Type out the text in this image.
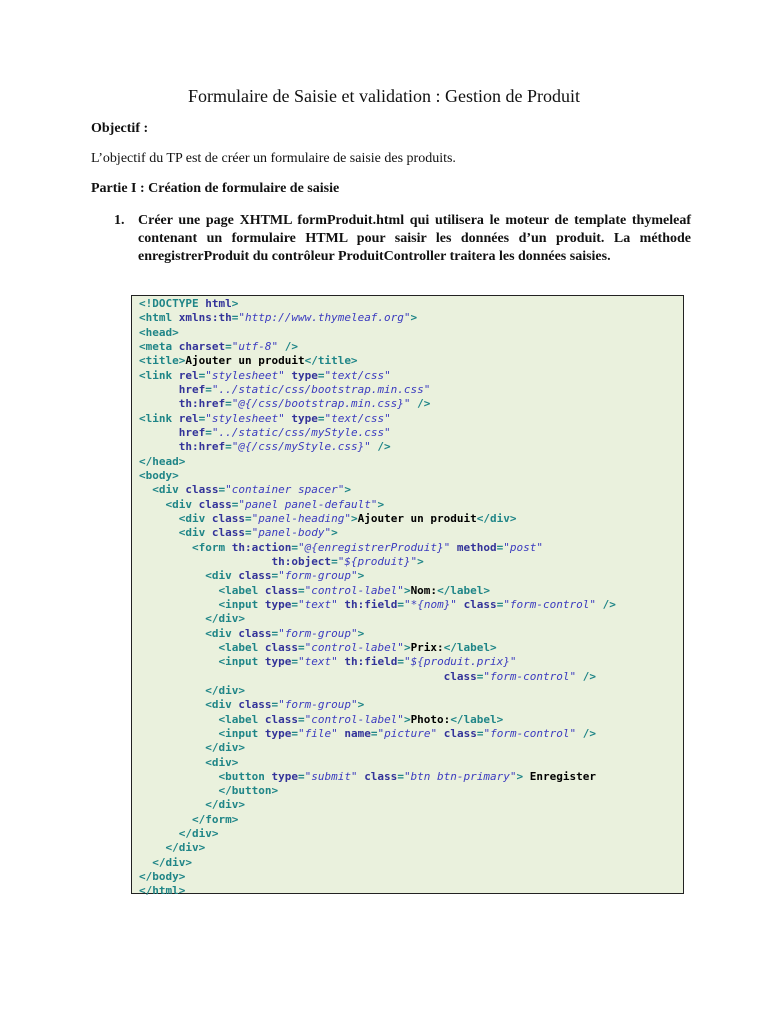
Formulaire de Saisie et validation : Gestion de Produit
Objectif :
L’objectif du TP est de créer un formulaire de saisie des produits.
Partie I : Création de formulaire de saisie
1. Créer une page XHTML formProduit.html qui utilisera le moteur de template thymeleaf contenant un formulaire HTML pour saisir les données d’un produit. La méthode enregistrerProduit du contrôleur ProduitController traitera les données saisies.
<!DOCTYPE html>
<html xmlns:th="http://www.thymeleaf.org">
<head>
<meta charset="utf-8" />
<title>Ajouter un produit</title>
<link rel="stylesheet" type="text/css"
href="../static/css/bootstrap.min.css"
th:href="@{/css/bootstrap.min.css}" />
<link rel="stylesheet" type="text/css"
href="../static/css/myStyle.css"
th:href="@{/css/myStyle.css}" />
</head>
<body>
<div class="container spacer">
<div class="panel panel-default">
<div class="panel-heading">Ajouter un produit</div>
<div class="panel-body">
<form th:action="@{enregistrerProduit}" method="post"
th:object="${produit}">
<div class="form-group">
<label class="control-label">Nom:</label>
<input type="text" th:field="*{nom}" class="form-control" />
</div>
<div class="form-group">
<label class="control-label">Prix:</label>
<input type="text" th:field="${produit.prix}"
class="form-control" />
</div>
<div class="form-group">
<label class="control-label">Photo:</label>
<input type="file" name="picture" class="form-control" />
</div>
<div>
<button type="submit" class="btn btn-primary"> Enregister
</button>
</div>
</form>
</div>
</div>
</div>
</body>
</html>
